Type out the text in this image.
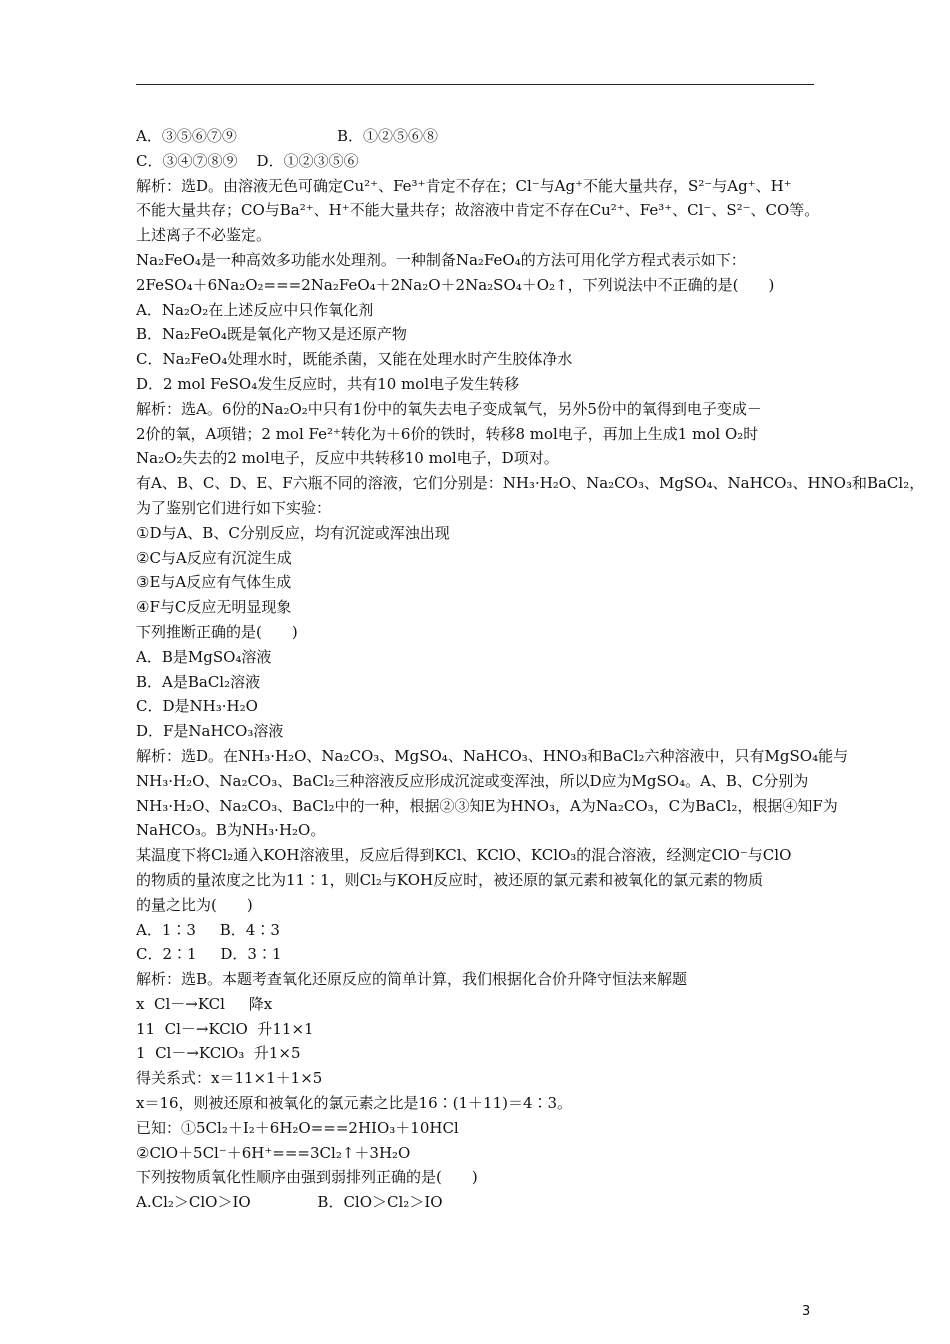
A．③⑤⑥⑦⑨                     B．①②⑤⑥⑧
C．③④⑦⑧⑨    D．①②③⑤⑥
解析：选D。由溶液无色可确定Cu²⁺、Fe³⁺肯定不存在；Cl⁻与Ag⁺不能大量共存，S²⁻与Ag⁺、H⁺
不能大量共存；CO与Ba²⁺、H⁺不能大量共存；故溶液中肯定不存在Cu²⁺、Fe³⁺、Cl⁻、S²⁻、CO等。
上述离子不必鉴定。
Na₂FeO₄是一种高效多功能水处理剂。一种制备Na₂FeO₄的方法可用化学方程式表示如下：
2FeSO₄＋6Na₂O₂===2Na₂FeO₄＋2Na₂O＋2Na₂SO₄＋O₂↑，下列说法中不正确的是(　　)
A．Na₂O₂在上述反应中只作氧化剂
B．Na₂FeO₄既是氧化产物又是还原产物
C．Na₂FeO₄处理水时，既能杀菌，又能在处理水时产生胶体净水
D．2 mol FeSO₄发生反应时，共有10 mol电子发生转移
解析：选A。6份的Na₂O₂中只有1份中的氧失去电子变成氧气，另外5份中的氧得到电子变成－
2价的氧，A项错；2 mol Fe²⁺转化为＋6价的铁时，转移8 mol电子，再加上生成1 mol O₂时
Na₂O₂失去的2 mol电子，反应中共转移10 mol电子，D项对。
有A、B、C、D、E、F六瓶不同的溶液，它们分别是：NH₃·H₂O、Na₂CO₃、MgSO₄、NaHCO₃、HNO₃和BaCl₂，
为了鉴别它们进行如下实验：
①D与A、B、C分别反应，均有沉淀或浑浊出现
②C与A反应有沉淀生成
③E与A反应有气体生成
④F与C反应无明显现象
下列推断正确的是(　　)
A．B是MgSO₄溶液
B．A是BaCl₂溶液
C．D是NH₃·H₂O
D．F是NaHCO₃溶液
解析：选D。在NH₃·H₂O、Na₂CO₃、MgSO₄、NaHCO₃、HNO₃和BaCl₂六种溶液中，只有MgSO₄能与
NH₃·H₂O、Na₂CO₃、BaCl₂三种溶液反应形成沉淀或变浑浊，所以D应为MgSO₄。A、B、C分别为
NH₃·H₂O、Na₂CO₃、BaCl₂中的一种，根据②③知E为HNO₃，A为Na₂CO₃，C为BaCl₂，根据④知F为
NaHCO₃。B为NH₃·H₂O。
某温度下将Cl₂通入KOH溶液里，反应后得到KCl、KClO、KClO₃的混合溶液，经测定ClO⁻与ClO
的物质的量浓度之比为11∶1，则Cl₂与KOH反应时，被还原的氯元素和被氧化的氯元素的物质
的量之比为(　　)
A．1∶3     B．4∶3
C．2∶1     D．3∶1
解析：选B。本题考查氧化还原反应的简单计算，我们根据化合价升降守恒法来解题
x  Cl－→KCl     降x
11  Cl－→KClO  升11×1
1  Cl－→KClO₃  升1×5
得关系式：x＝11×1＋1×5
x＝16，则被还原和被氧化的氯元素之比是16∶(1＋11)＝4∶3。
已知：①5Cl₂＋I₂＋6H₂O===2HIO₃＋10HCl
②ClO＋5Cl⁻＋6H⁺===3Cl₂↑＋3H₂O
下列按物质氧化性顺序由强到弱排列正确的是(　　)
A.Cl₂＞ClO＞IO              B．ClO＞Cl₂＞IO
3
